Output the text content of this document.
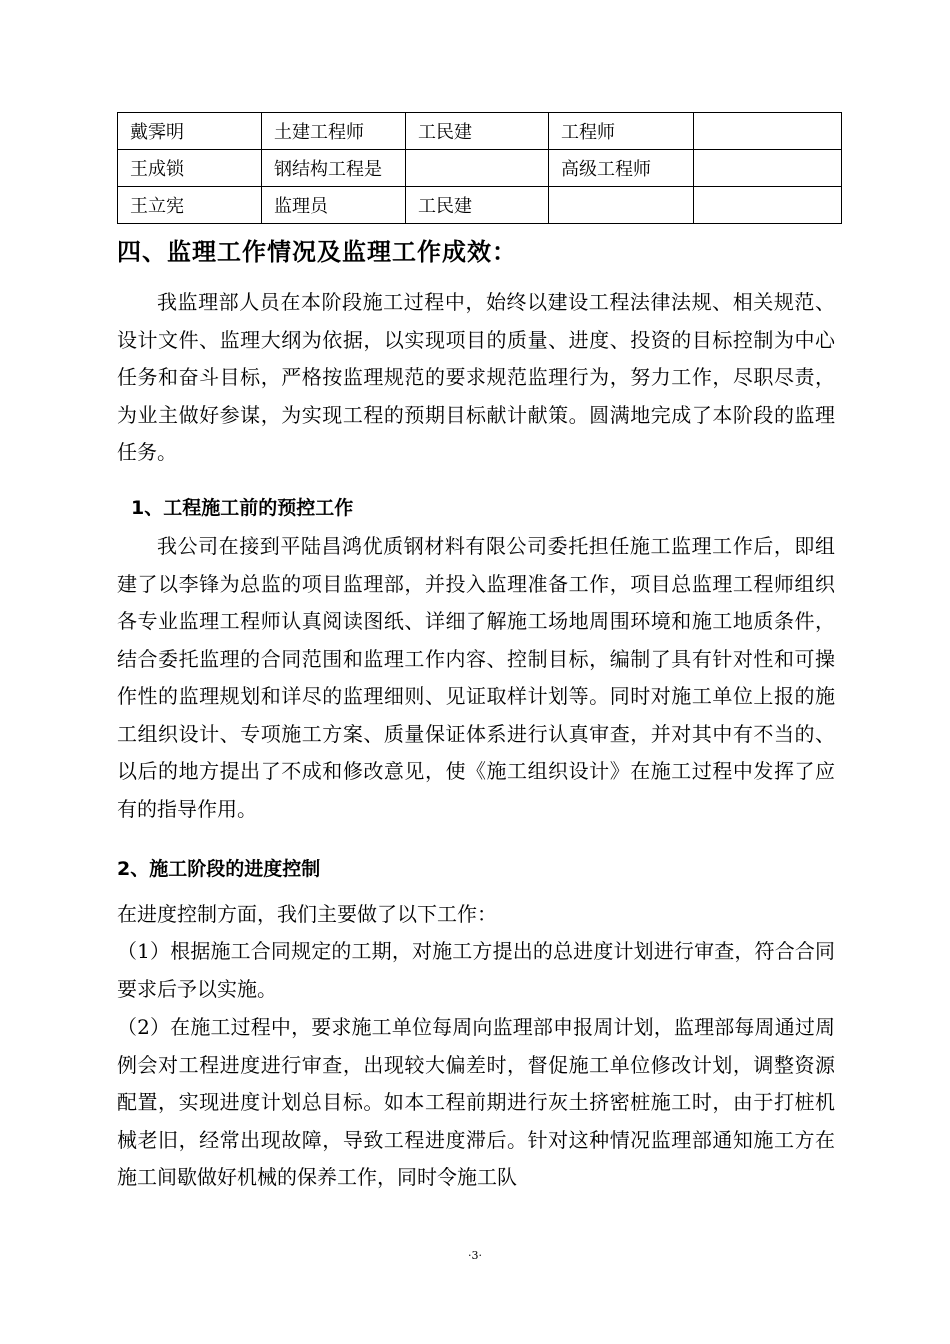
戴霁明	土建工程师	工民建	工程师	
王成锁	钢结构工程是		高级工程师	
王立宪	监理员	工民建		
四、监理工作情况及监理工作成效：

我监理部人员在本阶段施工过程中，始终以建设工程法律法规、相关规范、设计文件、监理大纲为依据，以实现项目的质量、进度、投资的目标控制为中心任务和奋斗目标，严格按监理规范的要求规范监理行为，努力工作，尽职尽责，为业主做好参谋，为实现工程的预期目标献计献策。圆满地完成了本阶段的监理任务。

1、工程施工前的预控工作

我公司在接到平陆昌鸿优质钢材料有限公司委托担任施工监理工作后，即组建了以李锋为总监的项目监理部，并投入监理准备工作，项目总监理工程师组织各专业监理工程师认真阅读图纸、详细了解施工场地周围环境和施工地质条件，结合委托监理的合同范围和监理工作内容、控制目标，编制了具有针对性和可操作性的监理规划和详尽的监理细则、见证取样计划等。同时对施工单位上报的施工组织设计、专项施工方案、质量保证体系进行认真审查，并对其中有不当的、以后的地方提出了不成和修改意见，使《施工组织设计》在施工过程中发挥了应有的指导作用。

2、施工阶段的进度控制

在进度控制方面，我们主要做了以下工作：

（1）根据施工合同规定的工期，对施工方提出的总进度计划进行审查，符合合同要求后予以实施。

（2）在施工过程中，要求施工单位每周向监理部申报周计划，监理部每周通过周例会对工程进度进行审查，出现较大偏差时，督促施工单位修改计划，调整资源配置，实现进度计划总目标。如本工程前期进行灰土挤密桩施工时，由于打桩机械老旧，经常出现故障，导致工程进度滞后。针对这种情况监理部通知施工方在施工间歇做好机械的保养工作，同时令施工队

·3·
